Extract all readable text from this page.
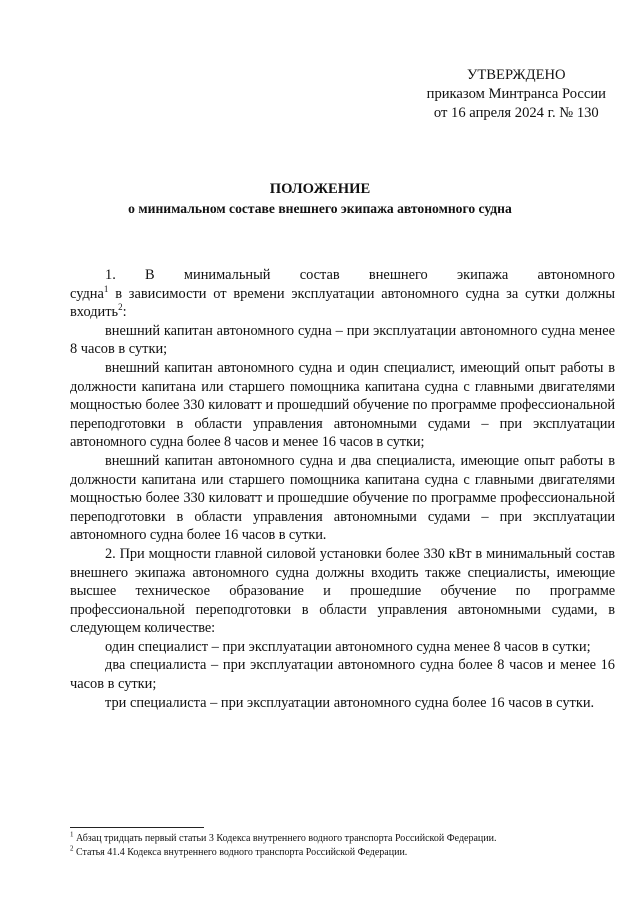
УТВЕРЖДЕНО
приказом Минтранса России
от 16 апреля 2024 г. № 130
ПОЛОЖЕНИЕ
о минимальном составе внешнего экипажа автономного судна

1. В минимальный состав внешнего экипажа автономного судна$^1$ в зависимости от времени эксплуатации автономного судна за сутки должны входить$^2$:

внешний капитан автономного судна – при эксплуатации автономного судна менее 8 часов в сутки;

внешний капитан автономного судна и один специалист, имеющий опыт работы в должности капитана или старшего помощника капитана судна с главными двигателями мощностью более 330 киловатт и прошедший обучение по программе профессиональной переподготовки в области управления автономными судами – при эксплуатации автономного судна более 8 часов и менее 16 часов в сутки;

внешний капитан автономного судна и два специалиста, имеющие опыт работы в должности капитана или старшего помощника капитана судна с главными двигателями мощностью более 330 киловатт и прошедшие обучение по программе профессиональной переподготовки в области управления автономными судами – при эксплуатации автономного судна более 16 часов в сутки.

2. При мощности главной силовой установки более 330 кВт в минимальный состав внешнего экипажа автономного судна должны входить также специалисты, имеющие высшее техническое образование и прошедшие обучение по программе профессиональной переподготовки в области управления автономными судами, в следующем количестве:

один специалист – при эксплуатации автономного судна менее 8 часов в сутки;

два специалиста – при эксплуатации автономного судна более 8 часов и менее 16 часов в сутки;

три специалиста – при эксплуатации автономного судна более 16 часов в сутки.

$^1$ Абзац тридцать первый статьи 3 Кодекса внутреннего водного транспорта Российской Федерации.
$^2$ Статья 41.4 Кодекса внутреннего водного транспорта Российской Федерации.
